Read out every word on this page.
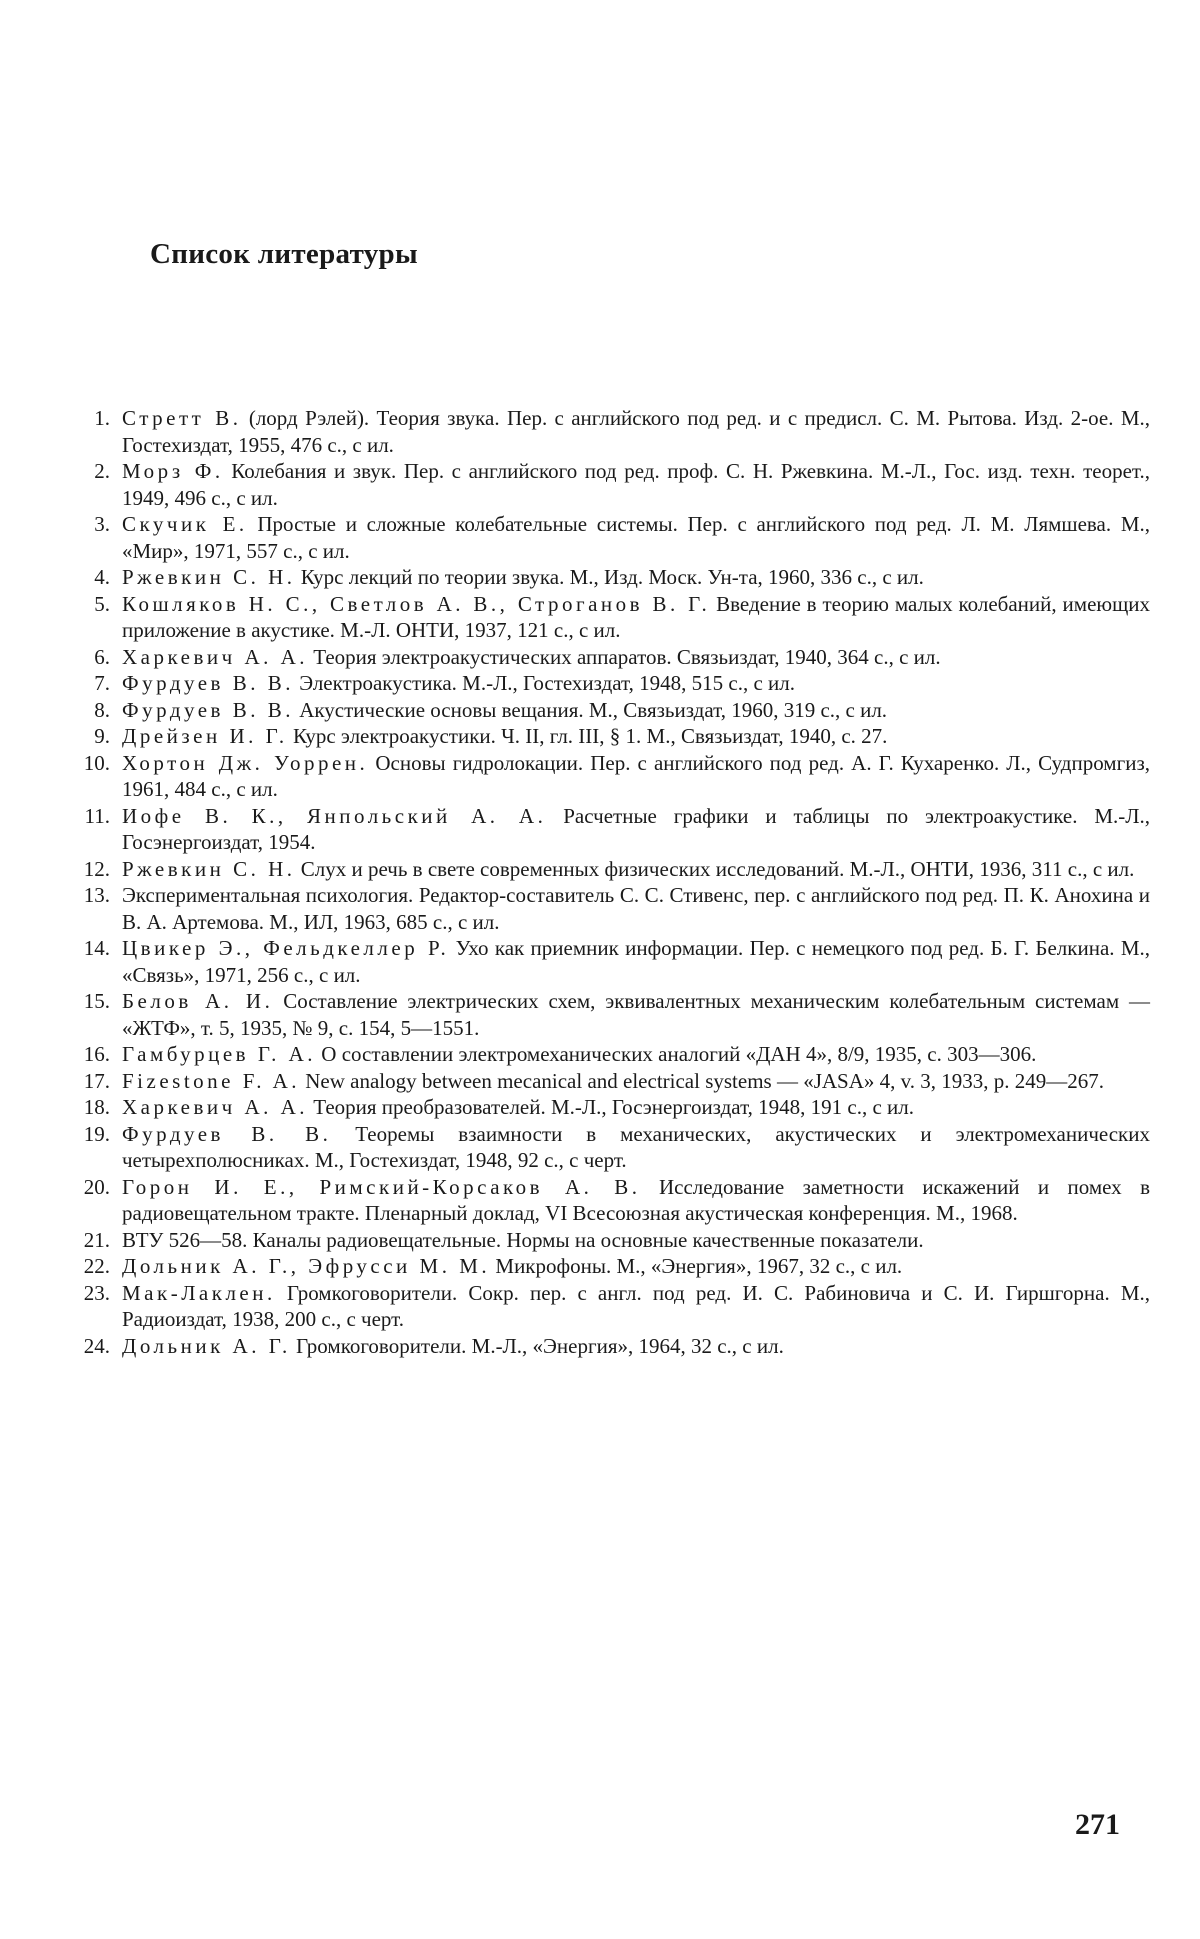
Список литературы
1. Стретт В. (лорд Рэлей). Теория звука. Пер. с английского под ред. и с предисл. С. М. Рытова. Изд. 2-ое. М., Гостехиздат, 1955, 476 с., с ил.
2. Морз Ф. Колебания и звук. Пер. с английского под ред. проф. С. Н. Ржевкина. М.-Л., Гос. изд. техн. теорет., 1949, 496 с., с ил.
3. Скучик Е. Простые и сложные колебательные системы. Пер. с английского под ред. Л. М. Лямшева. М., «Мир», 1971, 557 с., с ил.
4. Ржевкин С. Н. Курс лекций по теории звука. М., Изд. Моск. Ун-та, 1960, 336 с., с ил.
5. Кошляков Н. С., Светлов А. В., Строганов В. Г. Введение в теорию малых колебаний, имеющих приложение в акустике. М.-Л. ОНТИ, 1937, 121 с., с ил.
6. Харкевич А. А. Теория электроакустических аппаратов. Связьиздат, 1940, 364 с., с ил.
7. Фурдуев В. В. Электроакустика. М.-Л., Гостехиздат, 1948, 515 с., с ил.
8. Фурдуев В. В. Акустические основы вещания. М., Связьиздат, 1960, 319 с., с ил.
9. Дрейзен И. Г. Курс электроакустики. Ч. II, гл. III, § 1. М., Связьиздат, 1940, с. 27.
10. Хортон Дж. Уоррен. Основы гидролокации. Пер. с английского под ред. А. Г. Кухаренко. Л., Судпромгиз, 1961, 484 с., с ил.
11. Иофе В. К., Янпольский А. А. Расчетные графики и таблицы по электроакустике. М.-Л., Госэнергоиздат, 1954.
12. Ржевкин С. Н. Слух и речь в свете современных физических исследований. М.-Л., ОНТИ, 1936, 311 с., с ил.
13. Экспериментальная психология. Редактор-составитель С. С. Стивенс, пер. с английского под ред. П. К. Анохина и В. А. Артемова. М., ИЛ, 1963, 685 с., с ил.
14. Цвикер Э., Фельдкеллер Р. Ухо как приемник информации. Пер. с немецкого под ред. Б. Г. Белкина. М., «Связь», 1971, 256 с., с ил.
15. Белов А. И. Составление электрических схем, эквивалентных механическим колебательным системам — «ЖТФ», т. 5, 1935, № 9, с. 154, 5—1551.
16. Гамбурцев Г. А. О составлении электромеханических аналогий «ДАН 4», 8/9, 1935, с. 303—306.
17. Fizestone F. A. New analogy between mecanical and electrical systems — «JASA» 4, v. 3, 1933, p. 249—267.
18. Харкевич А. А. Теория преобразователей. М.-Л., Госэнергоиздат, 1948, 191 с., с ил.
19. Фурдуев В. В. Теоремы взаимности в механических, акустических и электромеханических четырехполюсниках. М., Гостехиздат, 1948, 92 с., с черт.
20. Горон И. Е., Римский-Корсаков А. В. Исследование заметности искажений и помех в радиовещательном тракте. Пленарный доклад, VI Всесоюзная акустическая конференция. М., 1968.
21. ВТУ 526—58. Каналы радиовещательные. Нормы на основные качественные показатели.
22. Дольник А. Г., Эфрусси М. М. Микрофоны. М., «Энергия», 1967, 32 с., с ил.
23. Мак-Лаклен. Громкоговорители. Сокр. пер. с англ. под ред. И. С. Рабиновича и С. И. Гиршгорна. М., Радиоиздат, 1938, 200 с., с черт.
24. Дольник А. Г. Громкоговорители. М.-Л., «Энергия», 1964, 32 с., с ил.
271
